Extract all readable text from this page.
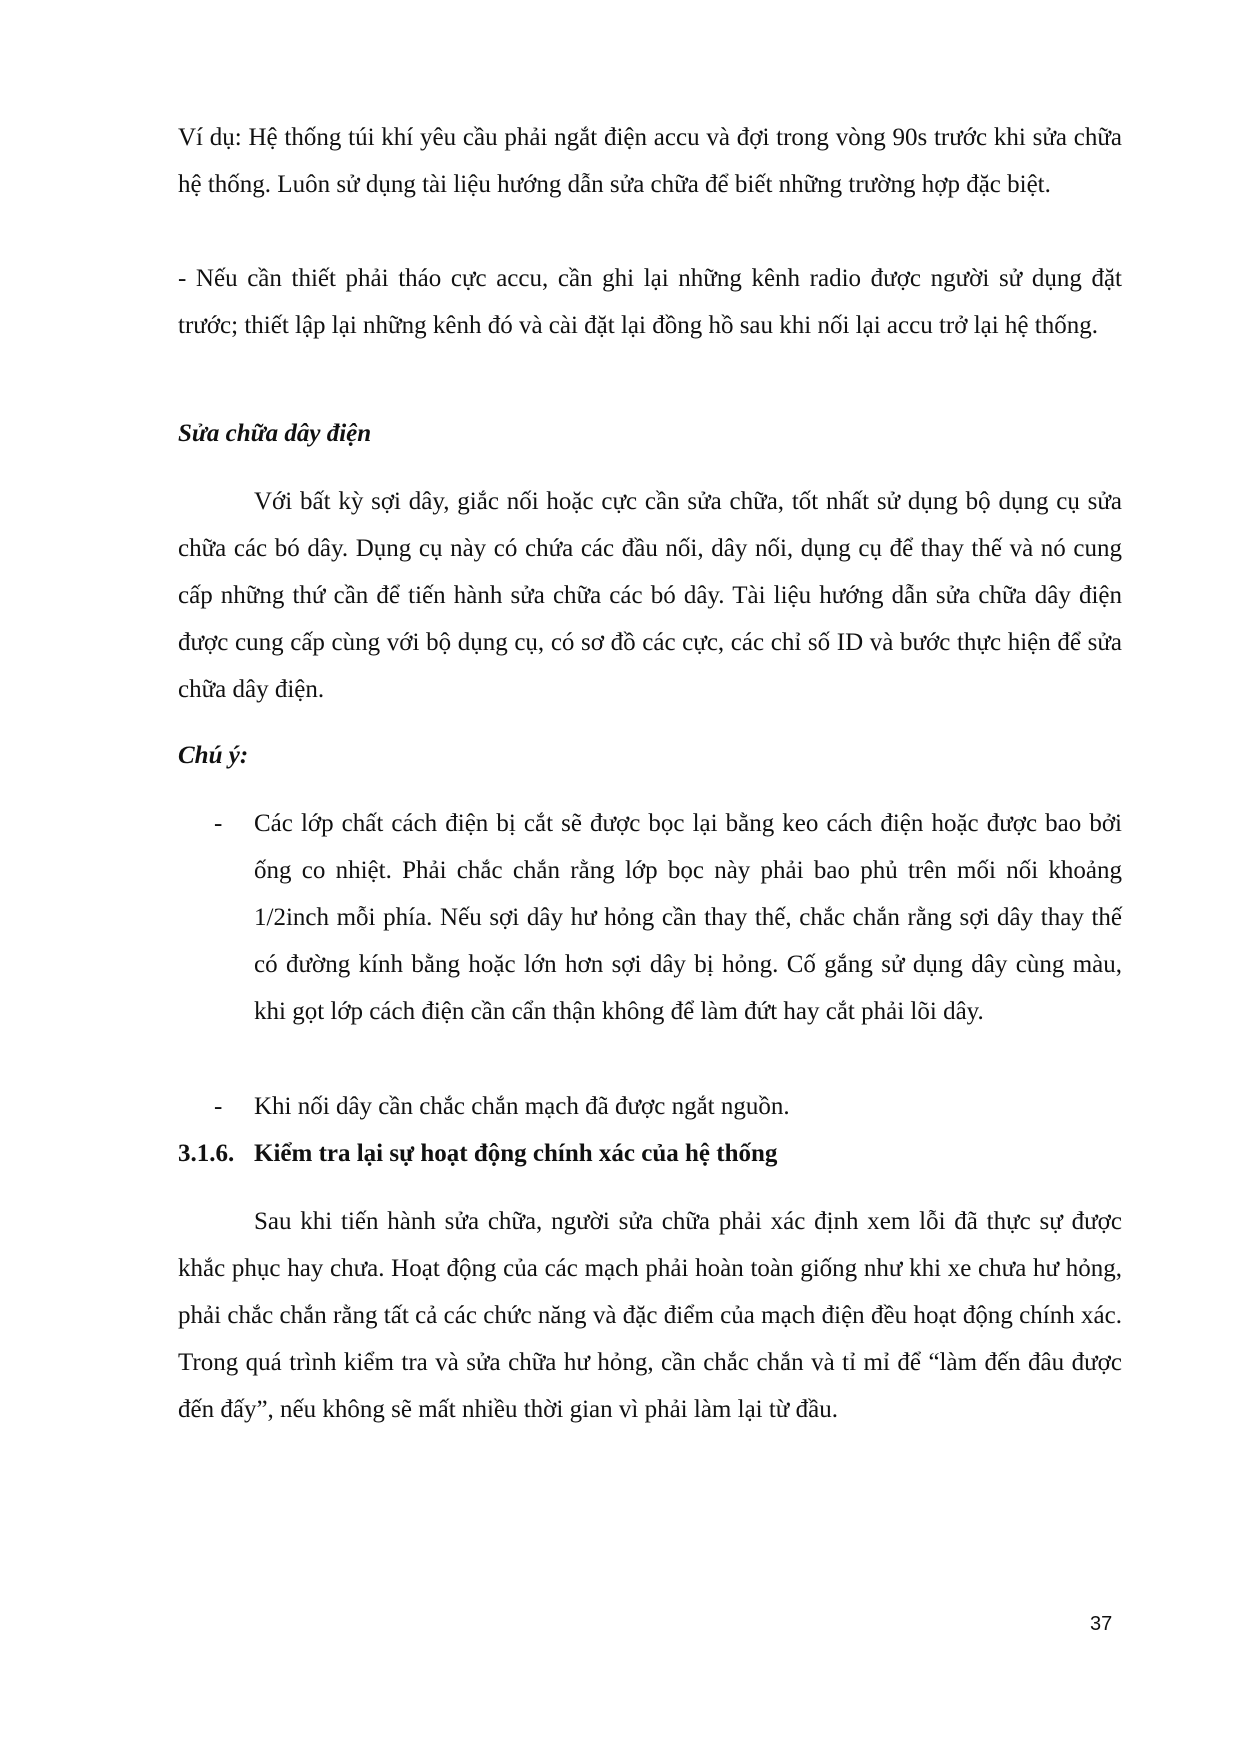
Ví dụ: Hệ thống túi khí yêu cầu phải ngắt điện accu và đợi trong vòng 90s trước khi sửa chữa hệ thống. Luôn sử dụng tài liệu hướng dẫn sửa chữa để biết những trường hợp đặc biệt.

- Nếu cần thiết phải tháo cực accu, cần ghi lại những kênh radio được người sử dụng đặt trước; thiết lập lại những kênh đó và cài đặt lại đồng hồ sau khi nối lại accu trở lại hệ thống.

Sửa chữa dây điện

Với bất kỳ sợi dây, giắc nối hoặc cực cần sửa chữa, tốt nhất sử dụng bộ dụng cụ sửa chữa các bó dây. Dụng cụ này có chứa các đầu nối, dây nối, dụng cụ để thay thế và nó cung cấp những thứ cần để tiến hành sửa chữa các bó dây. Tài liệu hướng dẫn sửa chữa dây điện được cung cấp cùng với bộ dụng cụ, có sơ đồ các cực, các chỉ số ID và bước thực hiện để sửa chữa dây điện.

Chú ý:

- Các lớp chất cách điện bị cắt sẽ được bọc lại bằng keo cách điện hoặc được bao bởi ống co nhiệt. Phải chắc chắn rằng lớp bọc này phải bao phủ trên mối nối khoảng 1/2inch mỗi phía. Nếu sợi dây hư hỏng cần thay thế, chắc chắn rằng sợi dây thay thế có đường kính bằng hoặc lớn hơn sợi dây bị hỏng. Cố gắng sử dụng dây cùng màu, khi gọt lớp cách điện cần cẩn thận không để làm đứt hay cắt phải lõi dây.
- Khi nối dây cần chắc chắn mạch đã được ngắt nguồn.
3.1.6. Kiểm tra lại sự hoạt động chính xác của hệ thống

Sau khi tiến hành sửa chữa, người sửa chữa phải xác định xem lỗi đã thực sự được khắc phục hay chưa. Hoạt động của các mạch phải hoàn toàn giống như khi xe chưa hư hỏng, phải chắc chắn rằng tất cả các chức năng và đặc điểm của mạch điện đều hoạt động chính xác. Trong quá trình kiểm tra và sửa chữa hư hỏng, cần chắc chắn và tỉ mỉ để “làm đến đâu được đến đấy”, nếu không sẽ mất nhiều thời gian vì phải làm lại từ đầu.

37
